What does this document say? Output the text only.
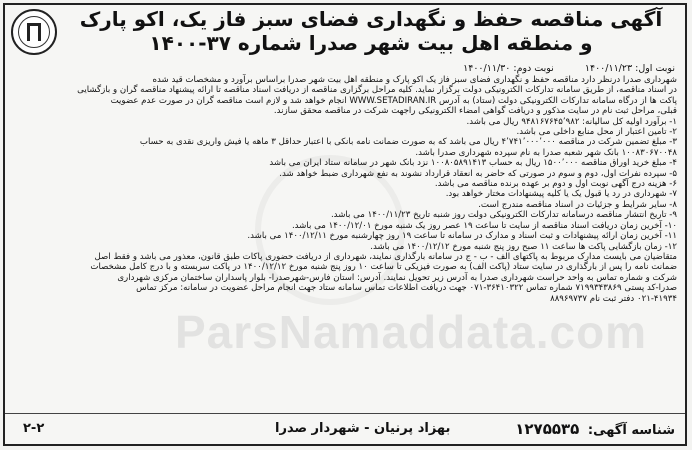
آگهی مناقصه حفظ و نگهداری فضای سبز فاز یک، اکو پارک
و منطقه اهل بیت شهر صدرا شماره ۳۷-۱۴۰۰
نوبت اول: ۱۴۰۰/۱۱/۲۳ نوبت دوم: ۱۴۰۰/۱۱/۳۰
ParsNamaddata.com

شهرداری صدرا درنظر دارد مناقصه حفظ و نگهداری فضای سبز فاز یک اکو پارک و منطقه اهل بیت شهر صدرا براساس برآورد و مشخصات قید شده

در اسناد مناقصه، از طریق سامانه تدارکات الکترونیکی دولت برگزار نماید. کلیه مراحل برگزاری مناقصه از دریافت اسناد مناقصه تا ارائه پیشنهاد مناقصه گران و بازگشایی

پاکت ها از درگاه سامانه تدارکات الکترونیکی دولت (ستاد) به آدرس WWW.SETADIRAN.IR انجام خواهد شد و لازم است مناقصه گران در صورت عدم عضویت

قبلی، مراحل ثبت نام در سایت مذکور و دریافت گواهی امضاء الکترونیکی راجهت شرکت در مناقصه محقق سازند.

۱- برآورد اولیه کل سالیانه: ۹۴۸۱۶۷۶۴۵٬۹۸۲ ریال می باشد.

۲- تامین اعتبار از محل منابع داخلی می باشد.

۳- مبلغ تضمین شرکت در مناقصه ۴٬۷۴۱٬۰۰۰٬۰۰۰ ریال می باشد که به صورت ضمانت نامه بانکی با اعتبار حداقل ۳ ماهه یا فیش واریزی نقدی به حساب

۱۰۰۸۳۰۶۷۰۰۴۸ بانک شهر شعبه صدرا به نام سپرده شهرداری صدرا باشد.

۴- مبلغ خرید اوراق مناقصه ۱۵۰۰٬۰۰۰ ریال به حساب ۱۰۰۸۰۵۸۹۱۴۱۳ نزد بانک شهر در سامانه ستاد ایران می باشد

۵- سپرده نفرات اول، دوم و سوم در صورتی که حاضر به انعقاد قرارداد نشوند به نفع شهرداری ضبط خواهد شد.

۶- هزینه درج آگهی نوبت اول و دوم بر عهده برنده مناقصه می باشد.

۷- شهرداری در رد یا قبول یک یا کلیه پیشنهادات مختار خواهد بود.

۸- سایر شرایط و جزئیات در اسناد مناقصه مندرج است.

۹- تاریخ انتشار مناقصه درسامانه تدارکات الکترونیکی دولت روز شنبه تاریخ ۱۴۰۰/۱۱/۲۳ می باشد.

۱۰- آخرین زمان دریافت اسناد مناقصه از سایت تا ساعت ۱۹ عصر روز یک شنبه مورخ ۱۴۰۰/۱۲/۰۱ می باشد.

۱۱- آخرین زمان ارائه پیشنهادات و ثبت اسناد و مدارک در سامانه تا ساعت ۱۹ روز چهارشنبه مورخ ۱۴۰۰/۱۲/۱۱ می باشد.

۱۲- زمان بازگشایی پاکت ها ساعت ۱۱ صبح روز پنج شنبه مورخ ۱۴۰۰/۱۲/۱۲ می باشد.

متقاضیان می بایست مدارک مربوط به پاکتهای الف - ب - ج در سامانه بارگذاری نمایند، شهرداری از دریافت حضوری پاکات طبق قانون، معذور می باشد و فقط اصل

ضمانت نامه را پس از بارگذاری در سایت ستاد (پاکت الف) به صورت فیزیکی تا ساعت ۱۰ روز پنج شنبه مورخ ۱۴۰۰/۱۲/۱۲ در پاکت سربسته و با درج کامل مشخصات

شرکت و شماره تماس به واحد حراست شهرداری صدرا به آدرس زیر تحویل نمایند. آدرس: استان فارس-شهرصدرا- بلوار پاسداران ساختمان مرکزی شهرداری

صدرا-کد پستی ۷۱۹۹۳۴۳۸۶۹ شماره تماس ۳۶۴۱۰۳۲۲-۰۷۱ جهت دریافت اطلاعات تماس سامانه ستاد جهت انجام مراحل عضویت در سامانه: مرکز تماس

۰۲۱-۴۱۹۳۴ دفتر ثبت نام ۸۸۹۶۹۷۳۷

شناسه آگهی: ۱۲۷۵۵۳۵
بهزاد پرنیان - شهردار صدرا
۲-۲
